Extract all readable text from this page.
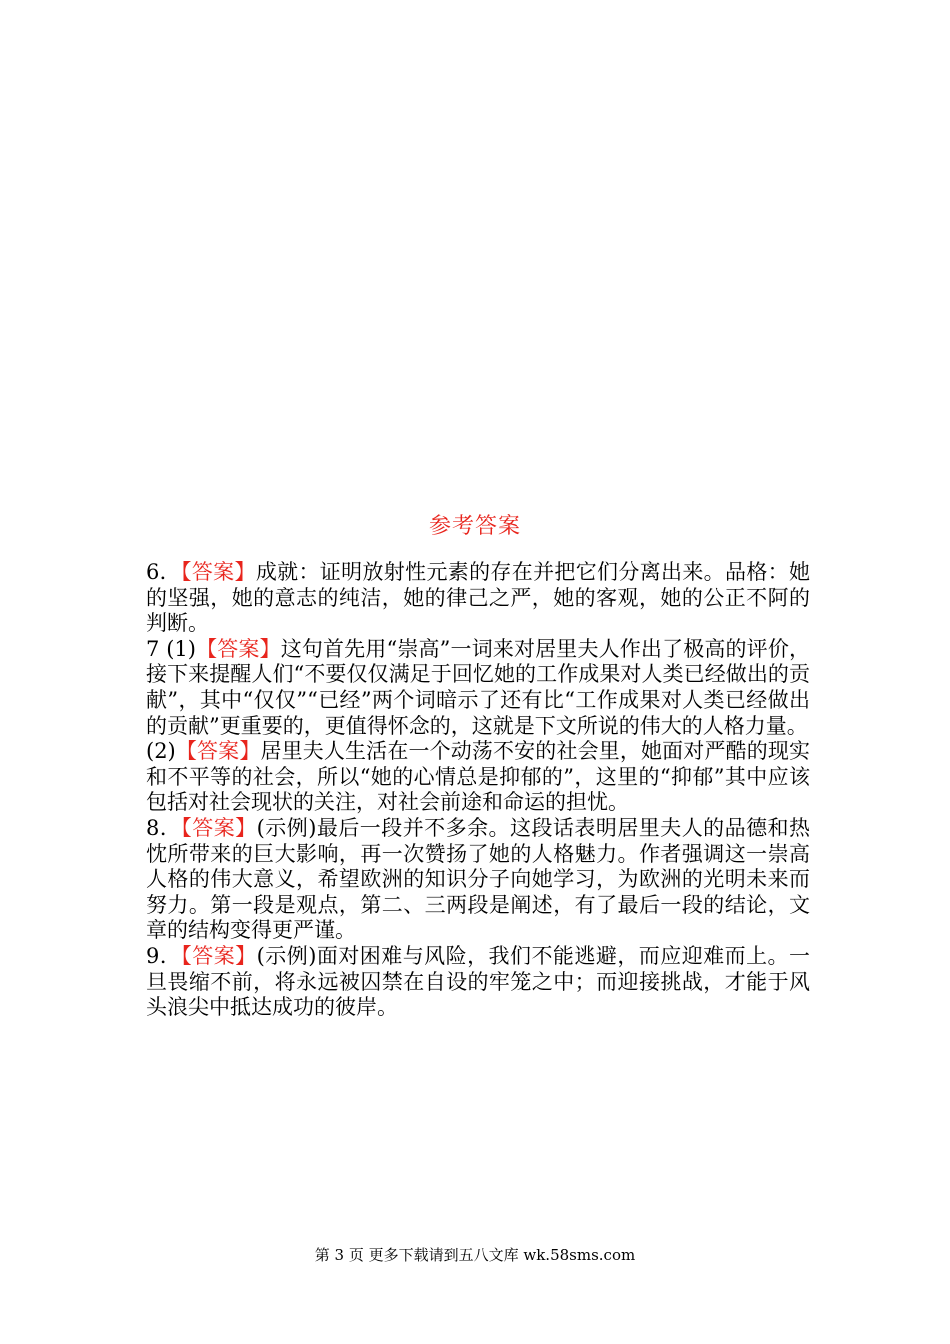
参考答案

6．【答案】成就：证明放射性元素的存在并把它们分离出来。品格：她的坚强，她的意志的纯洁，她的律己之严，她的客观，她的公正不阿的判断。

7 (1)【答案】这句首先用“崇高”一词来对居里夫人作出了极高的评价，接下来提醒人们“不要仅仅满足于回忆她的工作成果对人类已经做出的贡献”，其中“仅仅”“已经”两个词暗示了还有比“工作成果对人类已经做出的贡献”更重要的，更值得怀念的，这就是下文所说的伟大的人格力量。

(2)【答案】居里夫人生活在一个动荡不安的社会里，她面对严酷的现实和不平等的社会，所以“她的心情总是抑郁的”，这里的“抑郁”其中应该包括对社会现状的关注，对社会前途和命运的担忧。

8．【答案】(示例)最后一段并不多余。这段话表明居里夫人的品德和热忱所带来的巨大影响，再一次赞扬了她的人格魅力。作者强调这一崇高人格的伟大意义，希望欧洲的知识分子向她学习，为欧洲的光明未来而努力。第一段是观点，第二、三两段是阐述，有了最后一段的结论，文章的结构变得更严谨。

9．【答案】(示例)面对困难与风险，我们不能逃避，而应迎难而上。一旦畏缩不前，将永远被囚禁在自设的牢笼之中；而迎接挑战，才能于风头浪尖中抵达成功的彼岸。

第 3 页 更多下载请到五八文库 wk.58sms.com
